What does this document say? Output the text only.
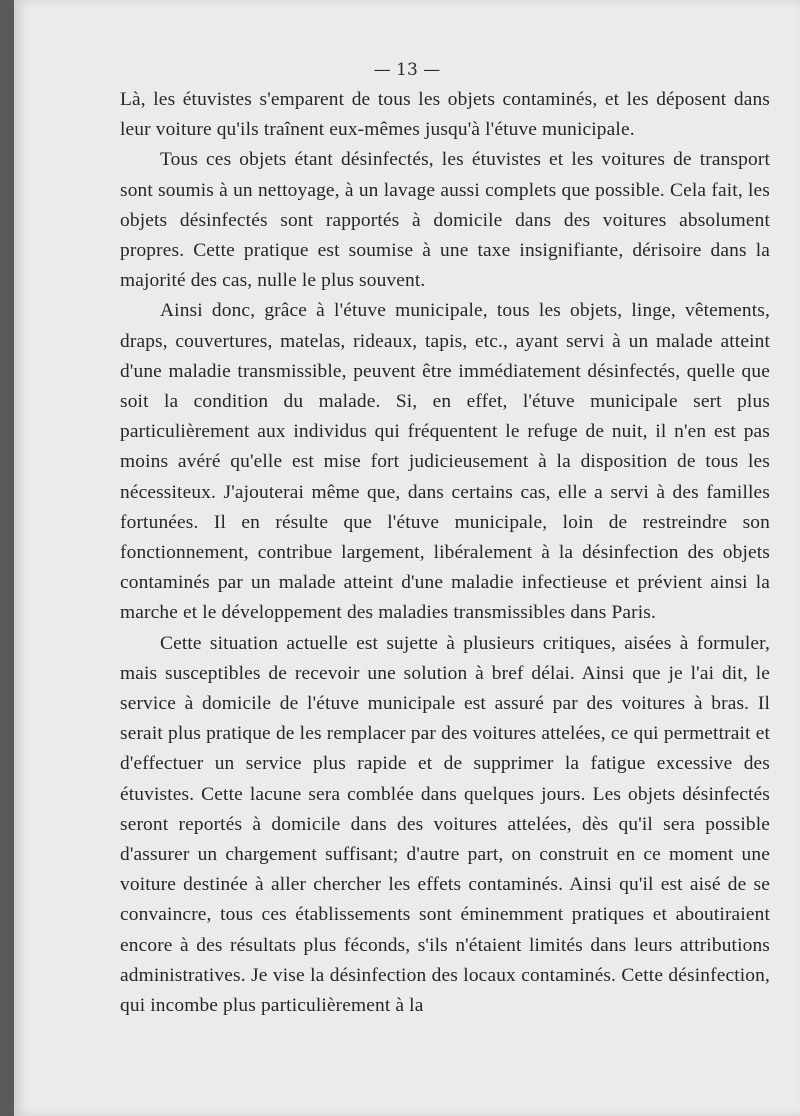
— 13 —

Là, les étuvistes s'emparent de tous les objets contaminés, et les déposent dans leur voiture qu'ils traînent eux-mêmes jusqu'à l'étuve municipale.

Tous ces objets étant désinfectés, les étuvistes et les voitures de transport sont soumis à un nettoyage, à un lavage aussi complets que possible. Cela fait, les objets désinfectés sont rapportés à domicile dans des voitures absolument propres. Cette pratique est soumise à une taxe insignifiante, dérisoire dans la majorité des cas, nulle le plus souvent.

Ainsi donc, grâce à l'étuve municipale, tous les objets, linge, vêtements, draps, couvertures, matelas, rideaux, tapis, etc., ayant servi à un malade atteint d'une maladie transmissible, peuvent être immédiatement désinfectés, quelle que soit la condition du malade. Si, en effet, l'étuve municipale sert plus particulièrement aux individus qui fréquentent le refuge de nuit, il n'en est pas moins avéré qu'elle est mise fort judicieusement à la disposition de tous les nécessiteux. J'ajouterai même que, dans certains cas, elle a servi à des familles fortunées. Il en résulte que l'étuve municipale, loin de restreindre son fonctionnement, contribue largement, libéralement à la désinfection des objets contaminés par un malade atteint d'une maladie infectieuse et prévient ainsi la marche et le développement des maladies transmissibles dans Paris.

Cette situation actuelle est sujette à plusieurs critiques, aisées à formuler, mais susceptibles de recevoir une solution à bref délai. Ainsi que je l'ai dit, le service à domicile de l'étuve municipale est assuré par des voitures à bras. Il serait plus pratique de les remplacer par des voitures attelées, ce qui permettrait et d'effectuer un service plus rapide et de supprimer la fatigue excessive des étuvistes. Cette lacune sera comblée dans quelques jours. Les objets désinfectés seront reportés à domicile dans des voitures attelées, dès qu'il sera possible d'assurer un chargement suffisant; d'autre part, on construit en ce moment une voiture destinée à aller chercher les effets contaminés. Ainsi qu'il est aisé de se convaincre, tous ces établissements sont éminemment pratiques et aboutiraient encore à des résultats plus féconds, s'ils n'étaient limités dans leurs attributions administratives. Je vise la désinfection des locaux contaminés. Cette désinfection, qui incombe plus particulièrement à la
